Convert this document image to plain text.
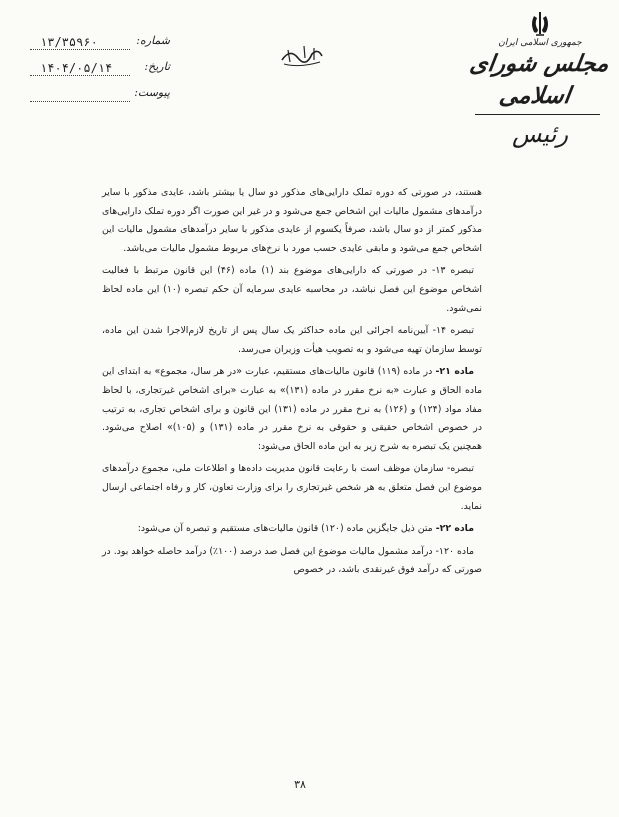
شماره:
۱۳/۳۵۹۶۰
تاریخ:
۱۴۰۴/۰۵/۱۴
پیوست:
جمهوری اسلامی ایران
مجلس شورای اسلامی
رئیس

هستند، در صورتی که دوره تملک دارایی‌های مذکور دو سال یا بیشتر باشد، عایدی مذکور با سایر درآمدهای مشمول مالیات این اشخاص جمع می‌شود و در غیر این صورت اگر دوره تملک دارایی‌های مذکور کمتر از دو سال باشد، صرفاً یکسوم از عایدی مذکور با سایر درآمدهای مشمول مالیات این اشخاص جمع می‌شود و مابقی عایدی حسب مورد با نرخ‌های مربوط مشمول مالیات می‌باشد.

تبصره ۱۳- در صورتی که دارایی‌های موضوع بند (۱) ماده (۴۶) این قانون مرتبط با فعالیت اشخاص موضوع این فصل نباشد، در محاسبه عایدی سرمایه آن حکم تبصره (۱۰) این ماده لحاظ نمی‌شود.

تبصره ۱۴- آیین‌نامه اجرائی این ماده حداکثر یک سال پس از تاریخ لازم‌الاجرا شدن این ماده، توسط سازمان تهیه می‌شود و به تصویب هیأت وزیران می‌رسد.

ماده ۲۱- در ماده (۱۱۹) قانون مالیات‌های مستقیم، عبارت «در هر سال، مجموع» به ابتدای این ماده الحاق و عبارت «به نرخ مقرر در ماده (۱۳۱)» به عبارت «برای اشخاص غیرتجاری، با لحاظ مفاد مواد (۱۲۴) و (۱۲۶) به نرخ مقرر در ماده (۱۳۱) این قانون و برای اشخاص تجاری، به ترتیب در خصوص اشخاص حقیقی و حقوقی به نرخ مقرر در ماده (۱۳۱) و (۱۰۵)» اصلاح می‌شود. همچنین یک تبصره به شرح زیر به این ماده الحاق می‌شود:

تبصره- سازمان موظف است با رعایت قانون مدیریت داده‌ها و اطلاعات ملی، مجموع درآمدهای موضوع این فصل متعلق به هر شخص غیرتجاری را برای وزارت تعاون، کار و رفاه اجتماعی ارسال نماید.

ماده ۲۲- متن ذیل جایگزین ماده (۱۲۰) قانون مالیات‌های مستقیم و تبصره آن می‌شود:

ماده ۱۲۰- درآمد مشمول مالیات موضوع این فصل صد درصد (۱۰۰٪) درآمد حاصله خواهد بود. در صورتی که درآمد فوق غیرنقدی باشد، در خصوص

۳۸
